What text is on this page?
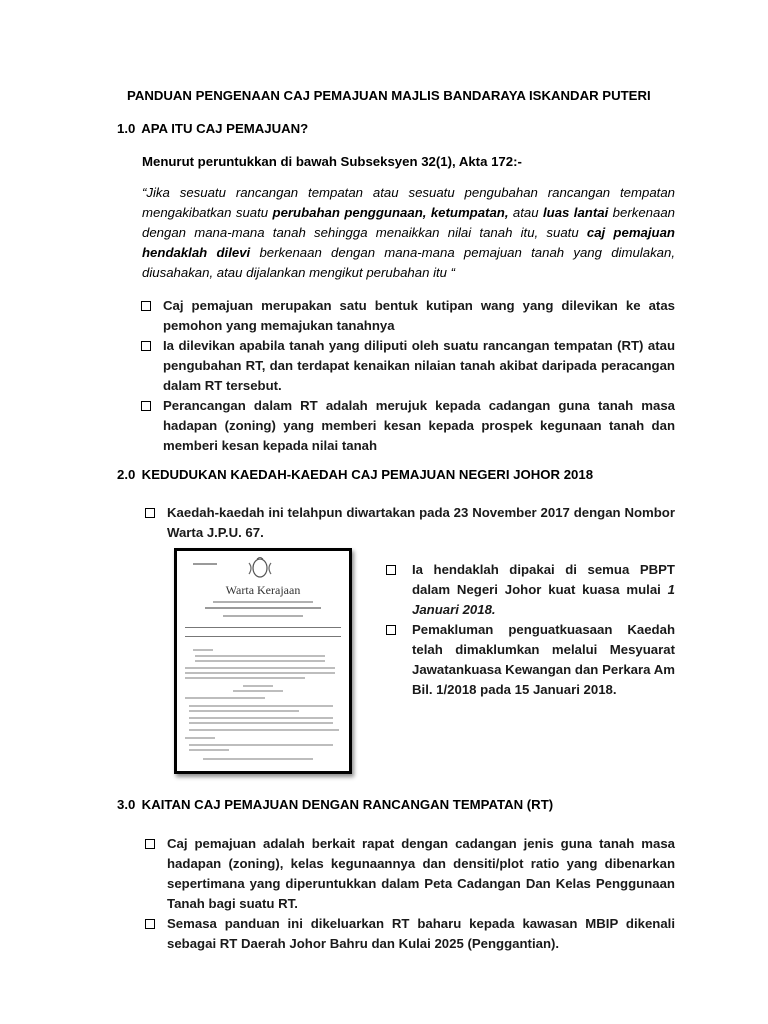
PANDUAN PENGENAAN CAJ PEMAJUAN MAJLIS BANDARAYA ISKANDAR PUTERI
1.0 APA ITU CAJ PEMAJUAN?
Menurut peruntukkan di bawah Subseksyen 32(1), Akta 172:-
“Jika sesuatu rancangan tempatan atau sesuatu pengubahan rancangan tempatan mengakibatkan suatu perubahan penggunaan, ketumpatan, atau luas lantai berkenaan dengan mana-mana tanah sehingga menaikkan nilai tanah itu, suatu caj pemajuan hendaklah dilevi berkenaan dengan mana-mana pemajuan tanah yang dimulakan, diusahakan, atau dijalankan mengikut perubahan itu “
Caj pemajuan merupakan satu bentuk kutipan wang yang dilevikan ke atas pemohon yang memajukan tanahnya
Ia dilevikan apabila tanah yang diliputi oleh suatu rancangan tempatan (RT) atau pengubahan RT, dan terdapat kenaikan nilaian tanah akibat daripada peracangan dalam RT tersebut.
Perancangan dalam RT adalah merujuk kepada cadangan guna tanah masa hadapan (zoning) yang memberi kesan kepada prospek kegunaan tanah dan memberi kesan kepada nilai tanah
2.0 KEDUDUKAN KAEDAH-KAEDAH CAJ PEMAJUAN NEGERI JOHOR 2018
Kaedah-kaedah ini telahpun diwartakan pada 23 November 2017 dengan Nombor Warta J.P.U. 67.
Warta Kerajaan
Ia hendaklah dipakai di semua PBPT dalam Negeri Johor kuat kuasa mulai 1 Januari 2018.
Pemakluman penguatkuasaan Kaedah telah dimaklumkan melalui Mesyuarat Jawatankuasa Kewangan dan Perkara Am Bil. 1/2018 pada 15 Januari 2018.
3.0 KAITAN CAJ PEMAJUAN DENGAN RANCANGAN TEMPATAN (RT)
Caj pemajuan adalah berkait rapat dengan cadangan jenis guna tanah masa hadapan (zoning), kelas kegunaannya dan densiti/plot ratio yang dibenarkan sepertimana yang diperuntukkan dalam Peta Cadangan Dan Kelas Penggunaan Tanah bagi suatu RT.
Semasa panduan ini dikeluarkan RT baharu kepada kawasan MBIP dikenali sebagai RT Daerah Johor Bahru dan Kulai 2025 (Penggantian).
